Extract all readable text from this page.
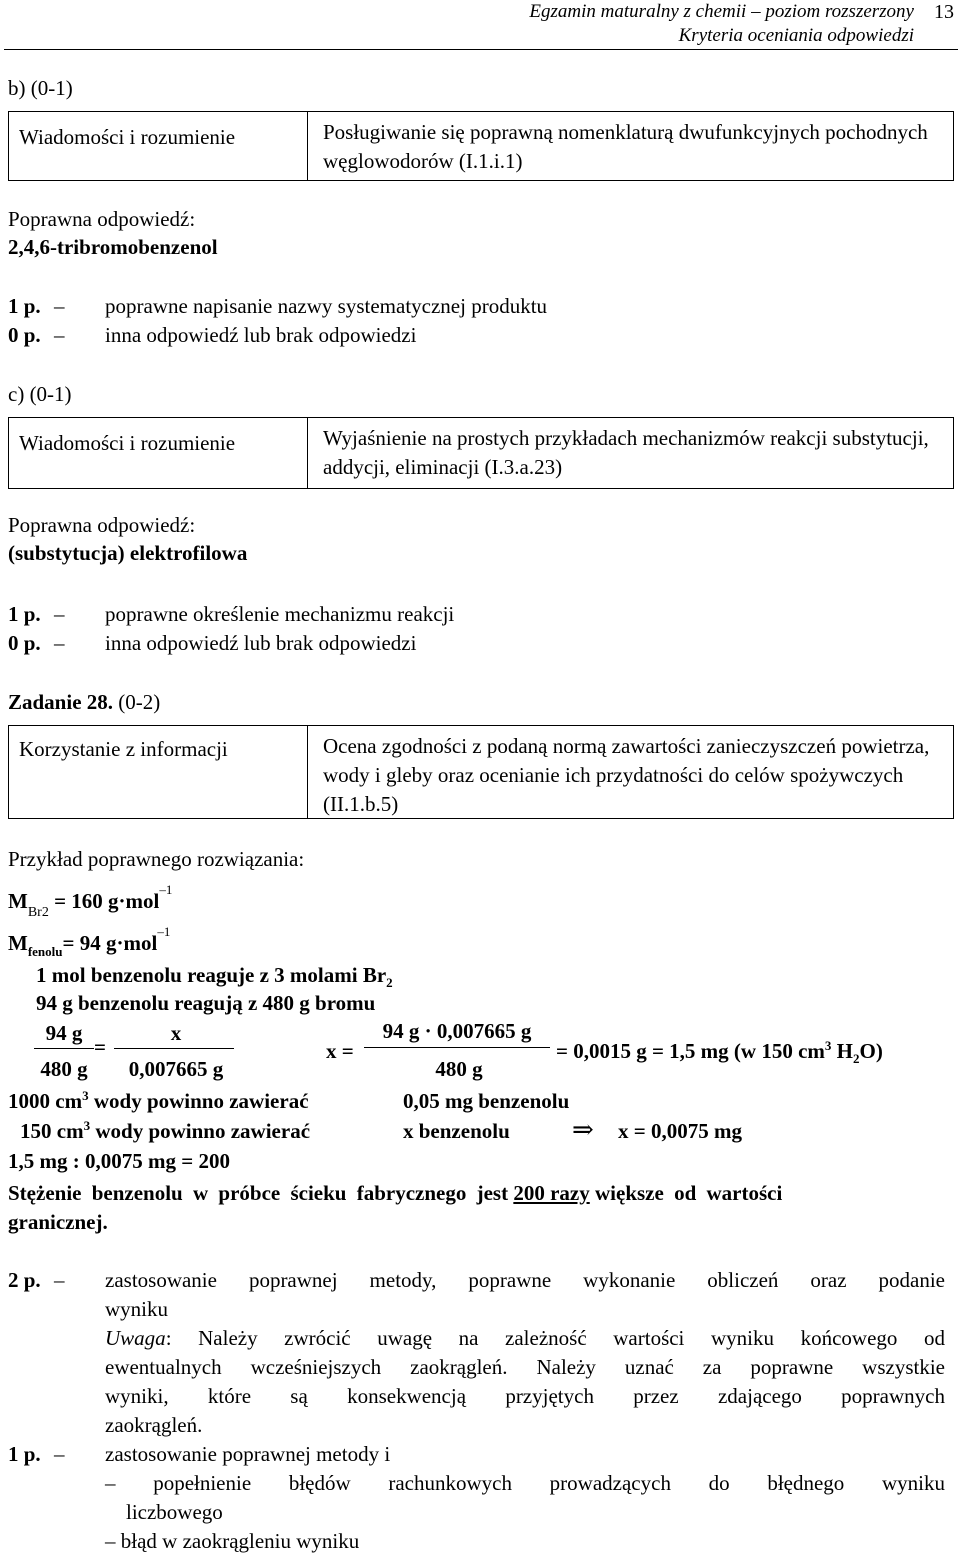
Egzamin maturalny z chemii – poziom rozszerzony
Kryteria oceniania odpowiedzi
13
b) (0-1)
Wiadomości i rozumienie	Posługiwanie się poprawną nomenklaturą dwufunkcyjnych pochodnych węglowodorów (I.1.i.1)
Poprawna odpowiedź:
2,4,6-tribromobenzenol
1 p. – poprawne napisanie nazwy systematycznej produktu
0 p. – inna odpowiedź lub brak odpowiedzi
c) (0-1)
Wiadomości i rozumienie	Wyjaśnienie na prostych przykładach mechanizmów reakcji substytucji, addycji, eliminacji (I.3.a.23)
Poprawna odpowiedź:
(substytucja) elektrofilowa
1 p. – poprawne określenie mechanizmu reakcji
0 p. – inna odpowiedź lub brak odpowiedzi
Zadanie 28. (0-2)
Korzystanie z informacji	Ocena zgodności z podaną normą zawartości zanieczyszczeń powietrza, wody i gleby oraz ocenianie ich przydatności do celów spożywczych (II.1.b.5)
Przykład poprawnego rozwiązania:
$M_{Br2} = 160$ g·mol$^{-1}$
$M_{fenolu}= 94$ g·mol$^{-1}$
1 mol benzenolu reaguje z 3 molami $Br_2$
94 g benzenolu reagują z 480 g bromu
94 g
480 g
=
x
0,007665 g
x =
94 g · 0,007665 g
480 g
= 0,0015 g = 1,5 mg (w 150 $cm^3$ $H_2O$)
1000 $cm^3$ wody powinno zawierać	0,05 mg benzenolu
150 $cm^3$ wody powinno zawierać	x benzenolu ⇒ x = 0,0075 mg
1,5 mg : 0,0075 mg = 200
Stężenie benzenolu w próbce ścieku fabrycznego jest 200 razy większe od wartości
granicznej.
2 p. – zastosowanie poprawnej metody, poprawne wykonanie obliczeń oraz podanie
wyniku
Uwaga: Należy zwrócić uwagę na zależność wartości wyniku końcowego od
ewentualnych wcześniejszych zaokrągleń. Należy uznać za poprawne wszystkie
wyniki, które są konsekwencją przyjętych przez zdającego poprawnych
zaokrągleń.
1 p. – zastosowanie poprawnej metody i
– popełnienie błędów rachunkowych prowadzących do błędnego wyniku
liczbowego
– błąd w zaokrągleniu wyniku
